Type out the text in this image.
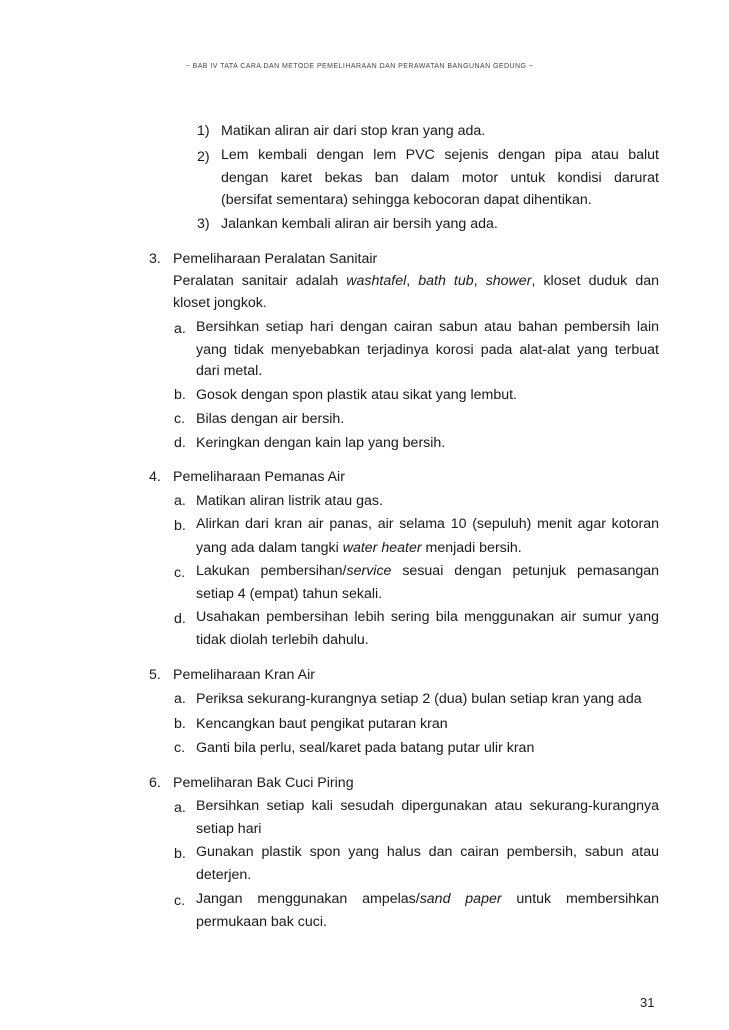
~ BAB IV TATA CARA DAN METODE PEMELIHARAAN DAN PERAWATAN BANGUNAN GEDUNG ~
1) Matikan aliran air dari stop kran yang ada.
2) Lem kembali dengan lem PVC sejenis dengan pipa atau balut
dengan karet bekas ban dalam motor untuk kondisi darurat
(bersifat sementara) sehingga kebocoran dapat dihentikan.
3) Jalankan kembali aliran air bersih yang ada.
3. Pemeliharaan Peralatan Sanitair
Peralatan sanitair adalah washtafel, bath tub, shower, kloset duduk dan
kloset jongkok.
a. Bersihkan setiap hari dengan cairan sabun atau bahan pembersih lain
yang tidak menyebabkan terjadinya korosi pada alat-alat yang terbuat
dari metal.
b. Gosok dengan spon plastik atau sikat yang lembut.
c. Bilas dengan air bersih.
d. Keringkan dengan kain lap yang bersih.
4. Pemeliharaan Pemanas Air
a. Matikan aliran listrik atau gas.
b. Alirkan dari kran air panas, air selama 10 (sepuluh) menit agar kotoran
yang ada dalam tangki water heater menjadi bersih.
c. Lakukan pembersihan/service sesuai dengan petunjuk pemasangan
setiap 4 (empat) tahun sekali.
d. Usahakan pembersihan lebih sering bila menggunakan air sumur yang
tidak diolah terlebih dahulu.
5. Pemeliharaan Kran Air
a. Periksa sekurang-kurangnya setiap 2 (dua) bulan setiap kran yang ada
b. Kencangkan baut pengikat putaran kran
c. Ganti bila perlu, seal/karet pada batang putar ulir kran
6. Pemeliharan Bak Cuci Piring
a. Bersihkan setiap kali sesudah dipergunakan atau sekurang-kurangnya
setiap hari
b. Gunakan plastik spon yang halus dan cairan pembersih, sabun atau
deterjen.
c. Jangan menggunakan ampelas/sand paper untuk membersihkan
permukaan bak cuci.
31
